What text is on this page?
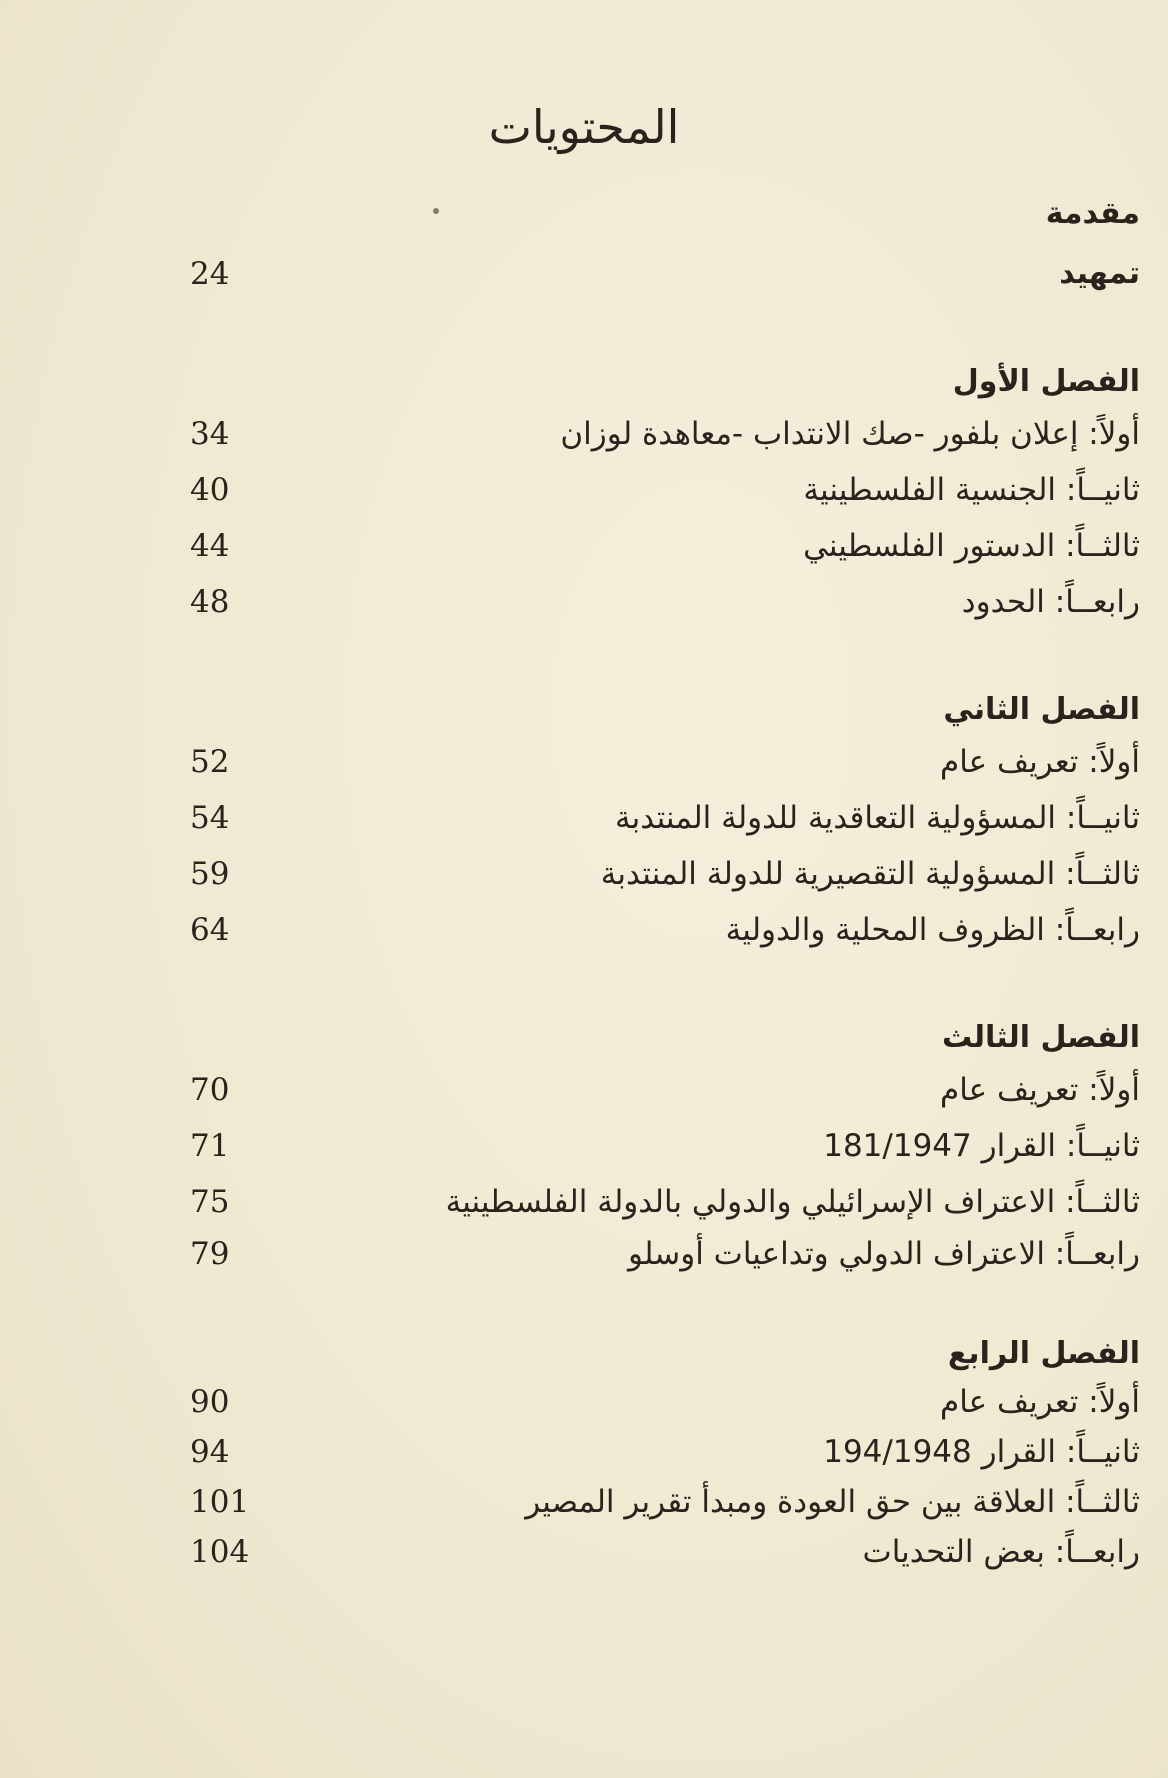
المحتويات
مقدمة
تمهيد
24
الفصل الأول
أولاً: إعلان بلفور -صك الانتداب -معاهدة لوزان
34
ثانيــاً: الجنسية الفلسطينية
40
ثالثــاً: الدستور الفلسطيني
44
رابعــاً: الحدود
48
الفصل الثاني
أولاً: تعريف عام
52
ثانيــاً: المسؤولية التعاقدية للدولة المنتدبة
54
ثالثــاً: المسؤولية التقصيرية للدولة المنتدبة
59
رابعــاً: الظروف المحلية والدولية
64
الفصل الثالث
أولاً: تعريف عام
70
ثانيــاً: القرار 181/1947
71
ثالثــاً: الاعتراف الإسرائيلي والدولي بالدولة الفلسطينية
75
رابعــاً: الاعتراف الدولي وتداعيات أوسلو
79
الفصل الرابع
أولاً: تعريف عام
90
ثانيــاً: القرار 194/1948
94
ثالثــاً: العلاقة بين حق العودة ومبدأ تقرير المصير
101
رابعــاً: بعض التحديات
104
